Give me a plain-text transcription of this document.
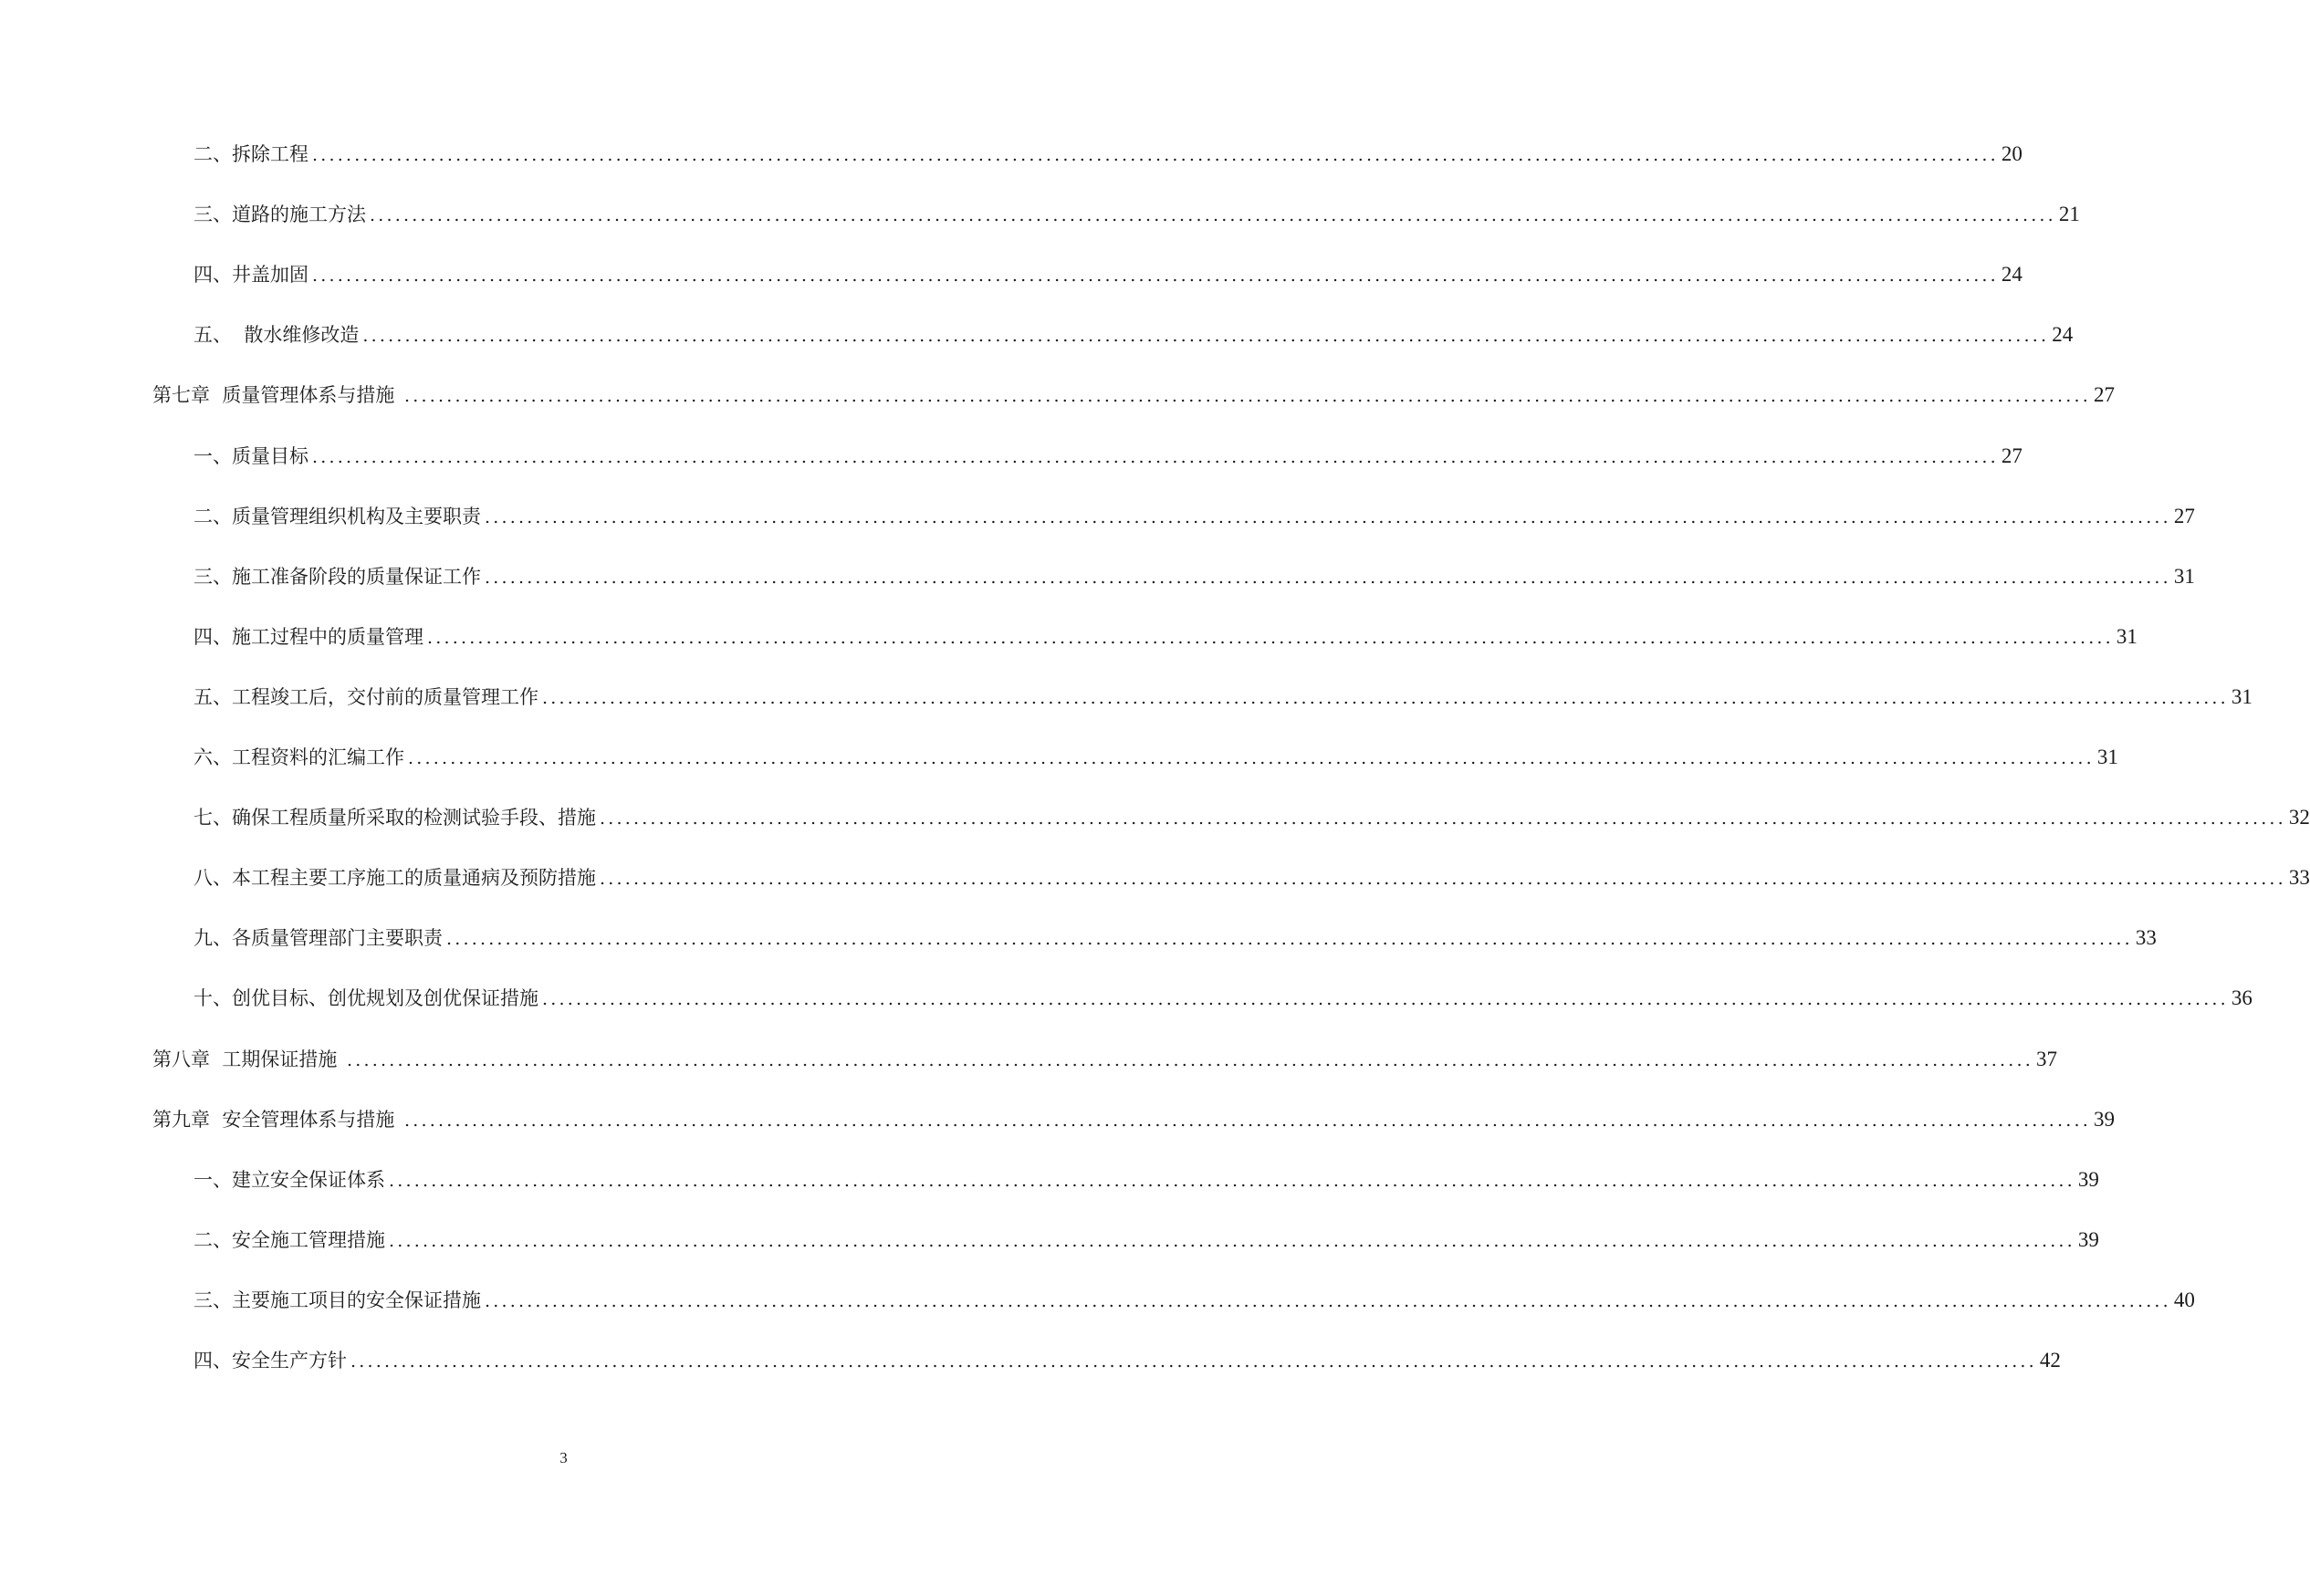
二、拆除工程 ........................................................................................................................................................................................................ 20
三、道路的施工方法 ........................................................................................................................................................................................................ 21
四、井盖加固 ........................................................................................................................................................................................................ 24
五、  散水维修改造 ........................................................................................................................................................................................................ 24
第七章  质量管理体系与措施 ........................................................................................................................................................................................................ 27
一、质量目标 ........................................................................................................................................................................................................ 27
二、质量管理组织机构及主要职责 ........................................................................................................................................................................................................ 27
三、施工准备阶段的质量保证工作 ........................................................................................................................................................................................................ 31
四、施工过程中的质量管理 ........................................................................................................................................................................................................ 31
五、工程竣工后，交付前的质量管理工作 ........................................................................................................................................................................................................ 31
六、工程资料的汇编工作 ........................................................................................................................................................................................................ 31
七、确保工程质量所采取的检测试验手段、措施 ........................................................................................................................................................................................................ 32
八、本工程主要工序施工的质量通病及预防措施 ........................................................................................................................................................................................................ 33
九、各质量管理部门主要职责 ........................................................................................................................................................................................................ 33
十、创优目标、创优规划及创优保证措施 ........................................................................................................................................................................................................ 36
第八章  工期保证措施 ........................................................................................................................................................................................................ 37
第九章  安全管理体系与措施 ........................................................................................................................................................................................................ 39
一、建立安全保证体系 ........................................................................................................................................................................................................ 39
二、安全施工管理措施 ........................................................................................................................................................................................................ 39
三、主要施工项目的安全保证措施 ........................................................................................................................................................................................................ 40
四、安全生产方针 ........................................................................................................................................................................................................ 42
3
